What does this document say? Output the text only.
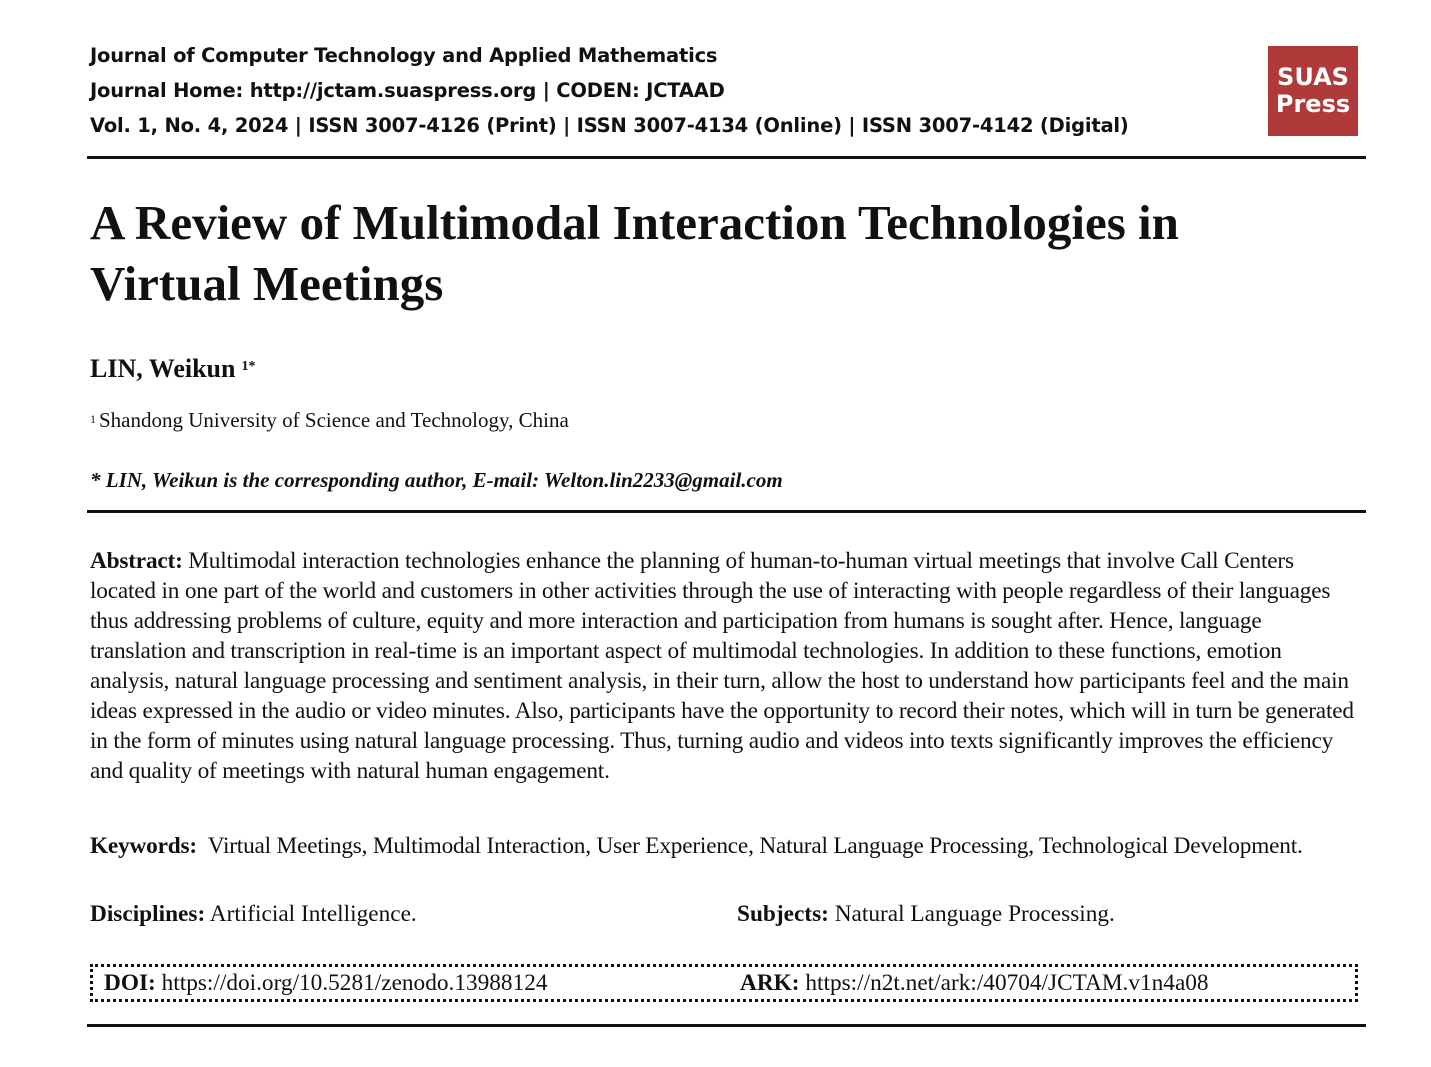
Journal of Computer Technology and Applied Mathematics
Journal Home: http://jctam.suaspress.org | CODEN: JCTAAD
Vol. 1, No. 4, 2024 | ISSN 3007-4126 (Print) | ISSN 3007-4134 (Online) | ISSN 3007-4142 (Digital)
SUAS
Press
A Review of Multimodal Interaction Technologies in Virtual Meetings
LIN, Weikun $^{1*}$
$^1$ Shandong University of Science and Technology, China
* LIN, Weikun is the corresponding author, E-mail: Welton.lin2233@gmail.com
Abstract: Multimodal interaction technologies enhance the planning of human-to-human virtual meetings that involve Call Centers located in one part of the world and customers in other activities through the use of interacting with people regardless of their languages thus addressing problems of culture, equity and more interaction and participation from humans is sought after. Hence, language translation and transcription in real-time is an important aspect of multimodal technologies. In addition to these functions, emotion analysis, natural language processing and sentiment analysis, in their turn, allow the host to understand how participants feel and the main ideas expressed in the audio or video minutes. Also, participants have the opportunity to record their notes, which will in turn be generated in the form of minutes using natural language processing. Thus, turning audio and videos into texts significantly improves the efficiency and quality of meetings with natural human engagement.
Keywords: Virtual Meetings, Multimodal Interaction, User Experience, Natural Language Processing, Technological Development.
Disciplines: Artificial Intelligence.	Subjects: Natural Language Processing.
DOI: https://doi.org/10.5281/zenodo.13988124	ARK: https://n2t.net/ark:/40704/JCTAM.v1n4a08
